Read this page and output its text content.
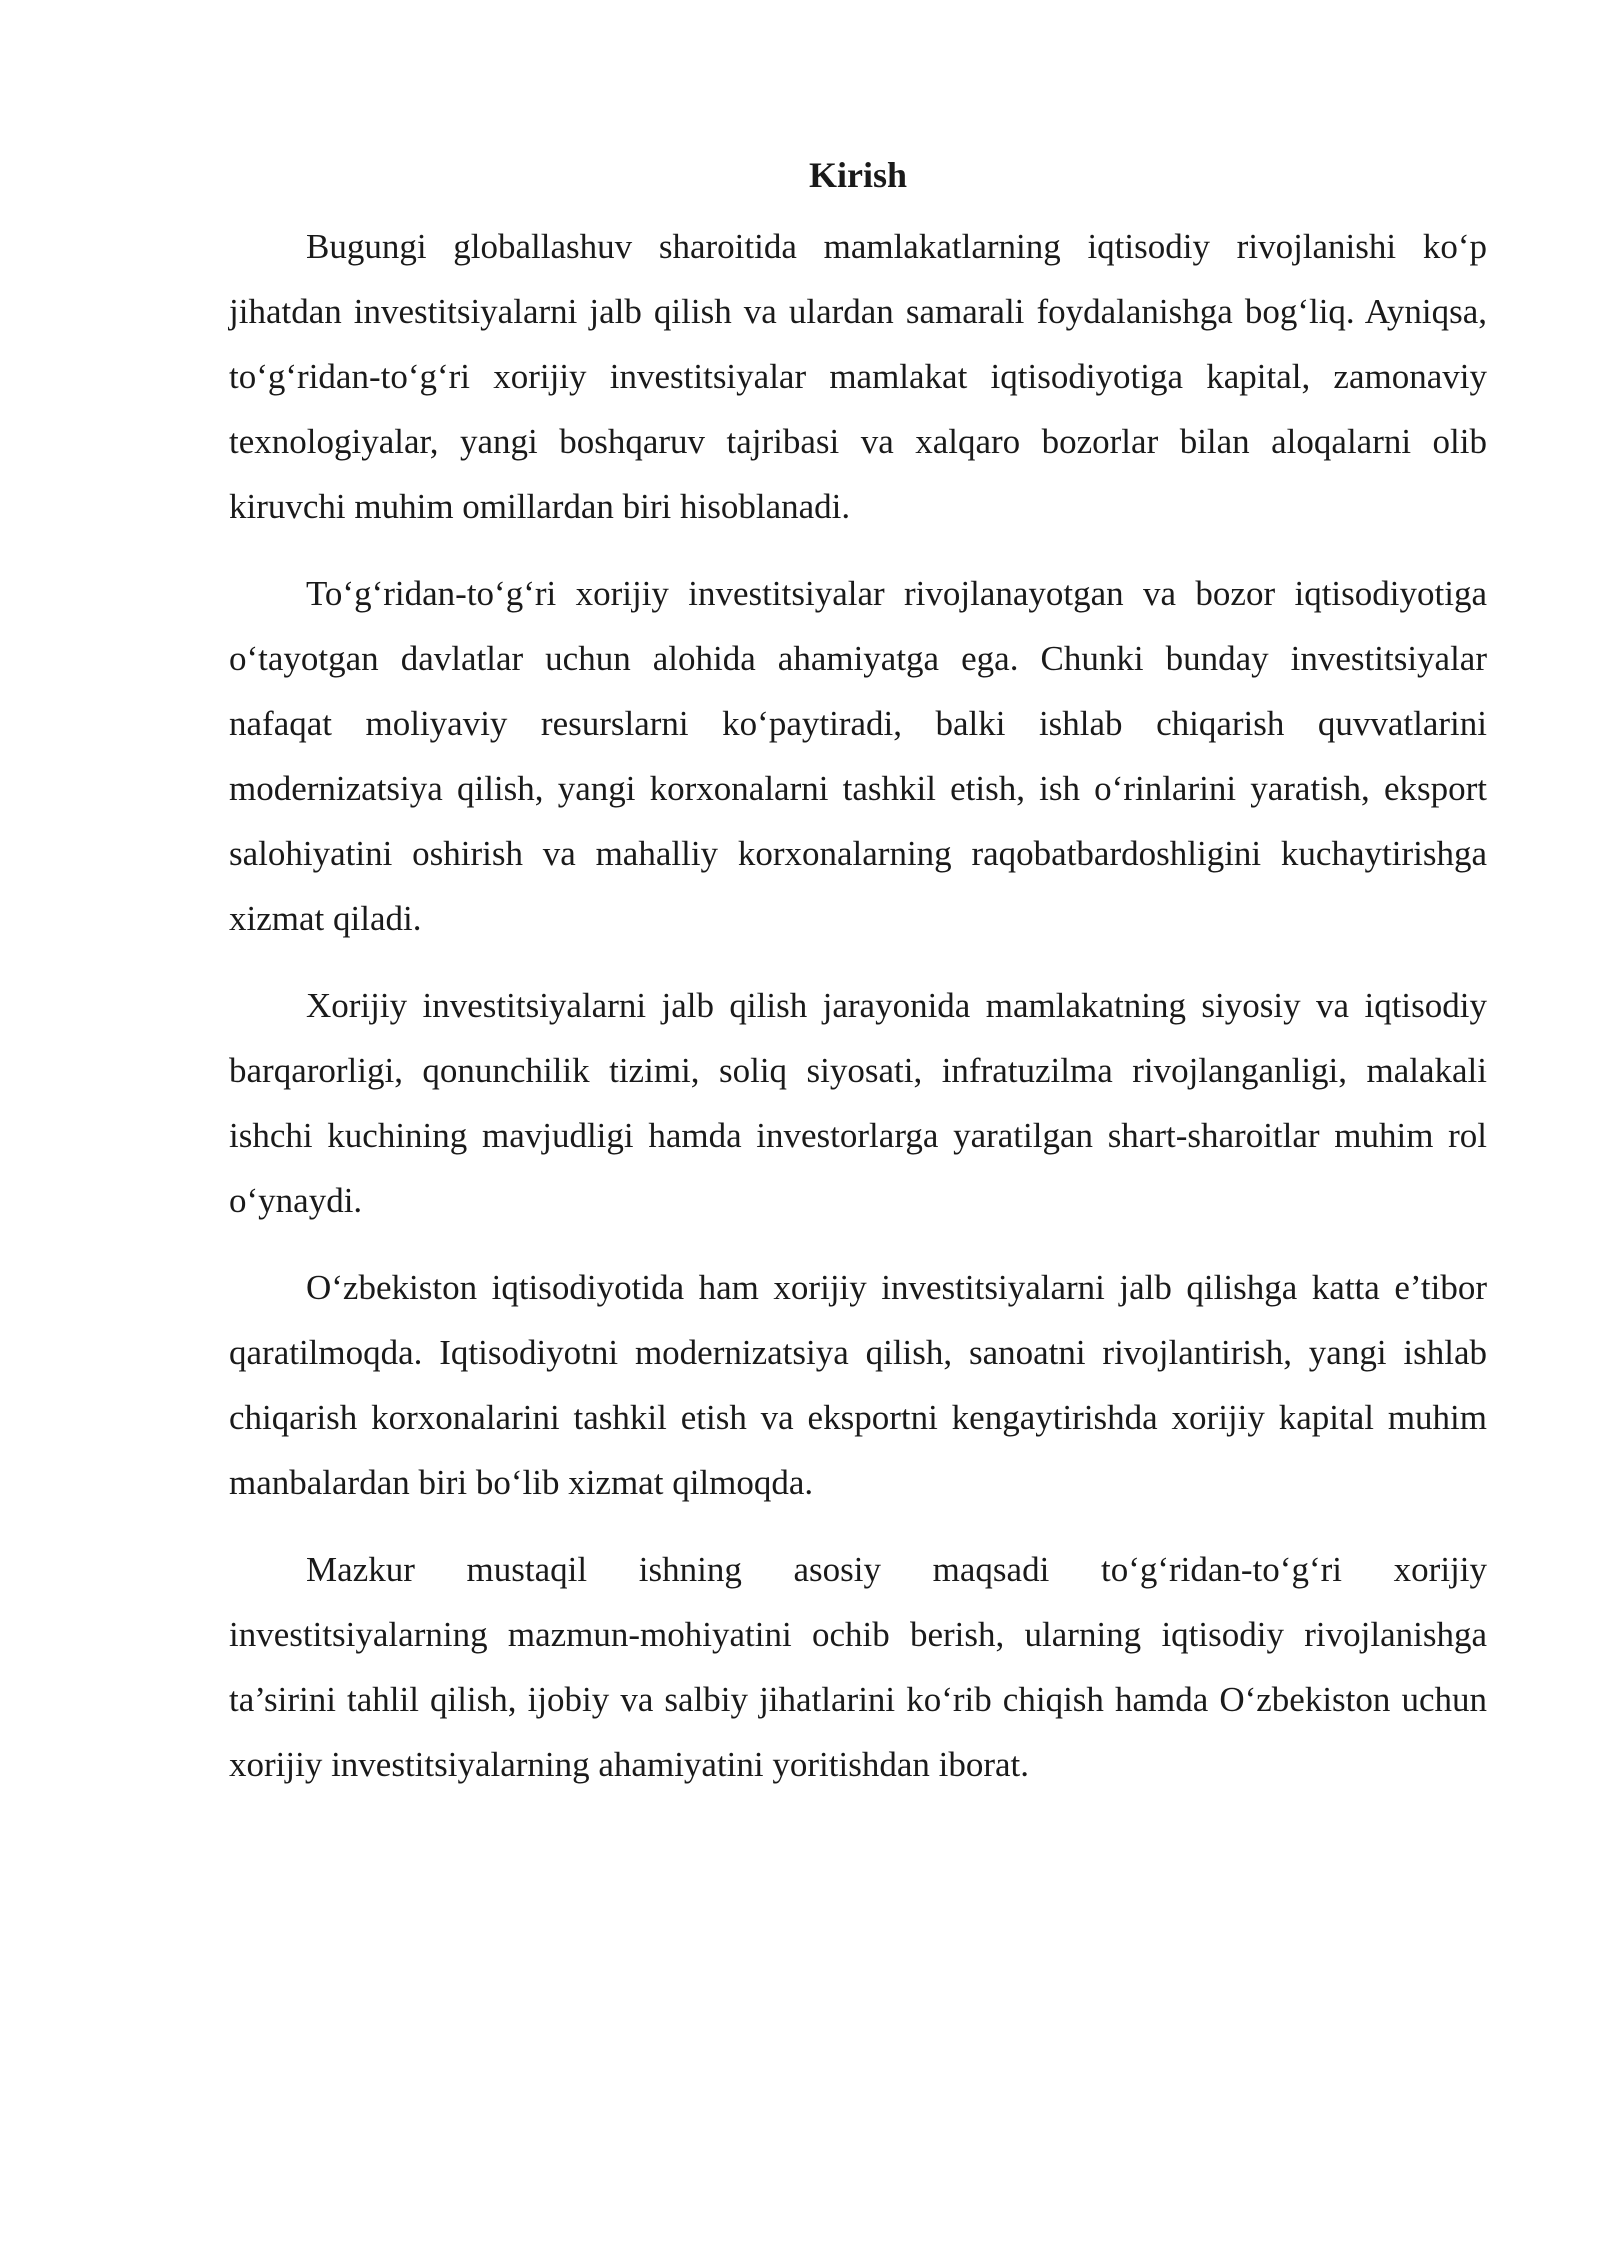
Kirish

Bugungi globallashuv sharoitida mamlakatlarning iqtisodiy rivojlanishi koʻp jihatdan investitsiyalarni jalb qilish va ulardan samarali foydalanishga bogʻliq. Ayniqsa, toʻgʻridan-toʻgʻri xorijiy investitsiyalar mamlakat iqtisodiyotiga kapital, zamonaviy texnologiyalar, yangi boshqaruv tajribasi va xalqaro bozorlar bilan aloqalarni olib kiruvchi muhim omillardan biri hisoblanadi.

Toʻgʻridan-toʻgʻri xorijiy investitsiyalar rivojlanayotgan va bozor iqtisodiyotiga oʻtayotgan davlatlar uchun alohida ahamiyatga ega. Chunki bunday investitsiyalar nafaqat moliyaviy resurslarni koʻpaytiradi, balki ishlab chiqarish quvvatlarini modernizatsiya qilish, yangi korxonalarni tashkil etish, ish oʻrinlarini yaratish, eksport salohiyatini oshirish va mahalliy korxonalarning raqobatbardoshligini kuchaytirishga xizmat qiladi.

Xorijiy investitsiyalarni jalb qilish jarayonida mamlakatning siyosiy va iqtisodiy barqarorligi, qonunchilik tizimi, soliq siyosati, infratuzilma rivojlanganligi, malakali ishchi kuchining mavjudligi hamda investorlarga yaratilgan shart-sharoitlar muhim rol oʻynaydi.

Oʻzbekiston iqtisodiyotida ham xorijiy investitsiyalarni jalb qilishga katta e’tibor qaratilmoqda. Iqtisodiyotni modernizatsiya qilish, sanoatni rivojlantirish, yangi ishlab chiqarish korxonalarini tashkil etish va eksportni kengaytirishda xorijiy kapital muhim manbalardan biri boʻlib xizmat qilmoqda.

Mazkur mustaqil ishning asosiy maqsadi toʻgʻridan-toʻgʻri xorijiy investitsiyalarning mazmun-mohiyatini ochib berish, ularning iqtisodiy rivojlanishga ta’sirini tahlil qilish, ijobiy va salbiy jihatlarini koʻrib chiqish hamda Oʻzbekiston uchun xorijiy investitsiyalarning ahamiyatini yoritishdan iborat.
